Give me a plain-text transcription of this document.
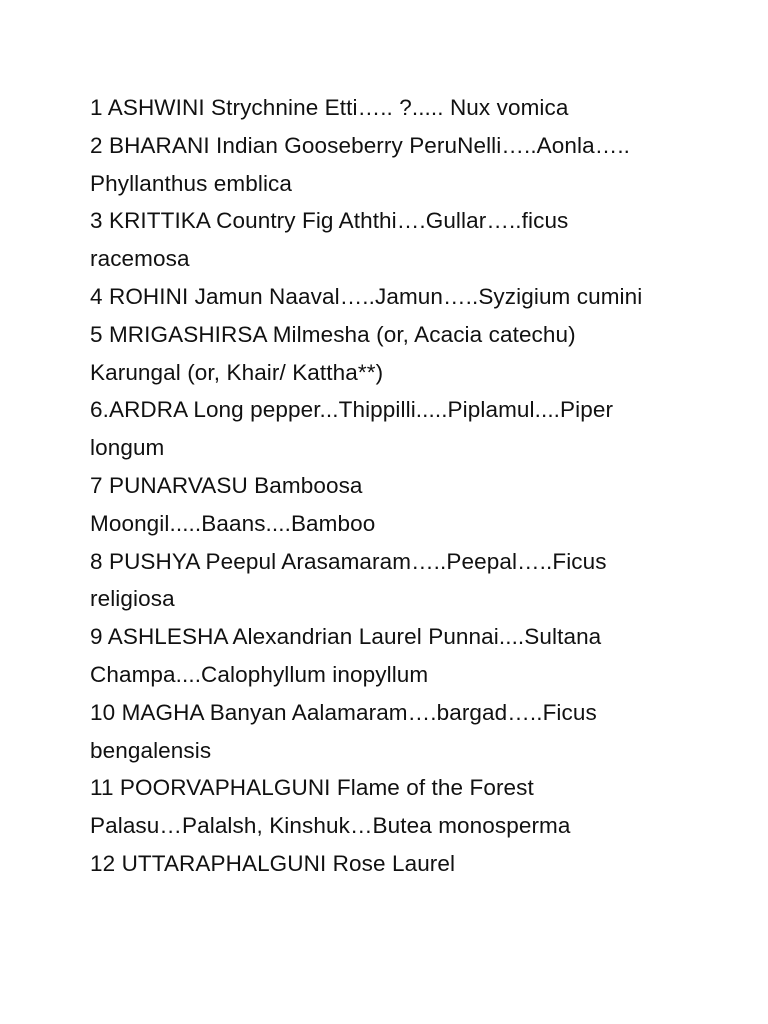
1 ASHWINI Strychnine Etti….. ?..... Nux vomica
2 BHARANI Indian Gooseberry PeruNelli…..Aonla…..
Phyllanthus emblica
3 KRITTIKA Country Fig Aththi….Gullar…..ficus
racemosa
4 ROHINI Jamun Naaval…..Jamun…..Syzigium cumini
5 MRIGASHIRSA Milmesha (or, Acacia catechu)
Karungal (or, Khair/ Kattha**)
6.ARDRA Long pepper...Thippilli.....Piplamul....Piper
longum
7 PUNARVASU Bamboosa
Moongil.....Baans....Bamboo
8 PUSHYA Peepul Arasamaram…..Peepal…..Ficus
religiosa
9 ASHLESHA Alexandrian Laurel Punnai....Sultana
Champa....Calophyllum inopyllum
10 MAGHA Banyan Aalamaram….bargad…..Ficus
bengalensis
11 POORVAPHALGUNI Flame of the Forest
Palasu…Palalsh, Kinshuk…Butea monosperma
12 UTTARAPHALGUNI Rose Laurel
